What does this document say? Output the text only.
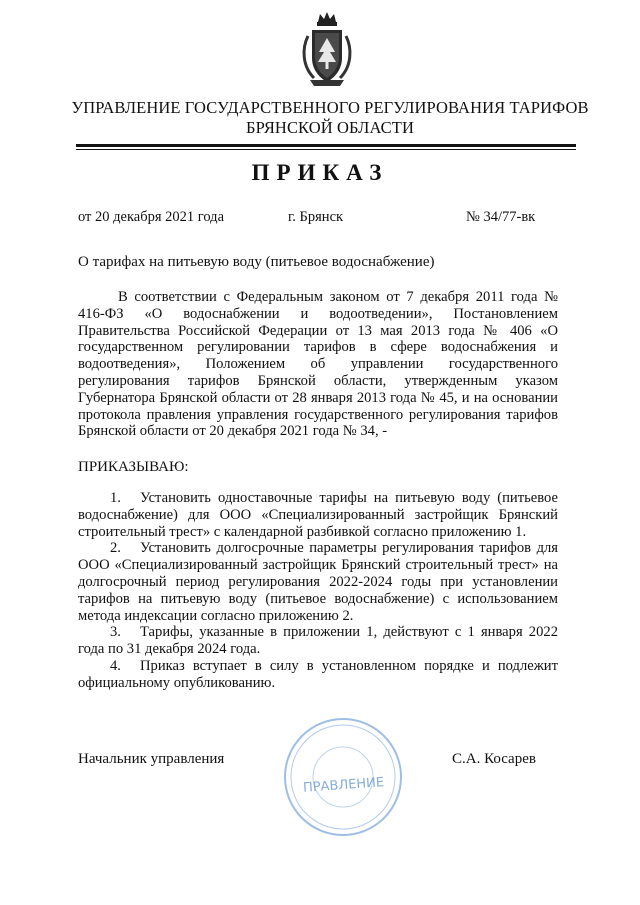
УПРАВЛЕНИЕ ГОСУДАРСТВЕННОГО РЕГУЛИРОВАНИЯ ТАРИФОВ
БРЯНСКОЙ ОБЛАСТИ
ПРИКАЗ
от 20 декабря 2021 года	г. Брянск	№ 34/77-вк
О тарифах на питьевую воду (питьевое водоснабжение)
В соответствии с Федеральным законом от 7 декабря 2011 года № 416-ФЗ «О водоснабжении и водоотведении», Постановлением Правительства Российской Федерации от 13 мая 2013 года № 406 «О государственном регулировании тарифов в сфере водоснабжения и водоотведения», Положением об управлении государственного регулирования тарифов Брянской области, утвержденным указом Губернатора Брянской области от 28 января 2013 года № 45, и на основании протокола правления управления государственного регулирования тарифов Брянской области от 20 декабря 2021 года № 34, -
ПРИКАЗЫВАЮ:
1. Установить одноставочные тарифы на питьевую воду (питьевое водоснабжение) для ООО «Специализированный застройщик Брянский строительный трест» с календарной разбивкой согласно приложению 1.
2. Установить долгосрочные параметры регулирования тарифов для ООО «Специализированный застройщик Брянский строительный трест» на долгосрочный период регулирования 2022-2024 годы при установлении тарифов на питьевую воду (питьевое водоснабжение) с использованием метода индексации согласно приложению 2.
3. Тарифы, указанные в приложении 1, действуют с 1 января 2022 года по 31 декабря 2024 года.
4. Приказ вступает в силу в установленном порядке и подлежит официальному опубликованию.
Начальник управления	С.А. Косарев
ПРАВЛЕНИЕ
